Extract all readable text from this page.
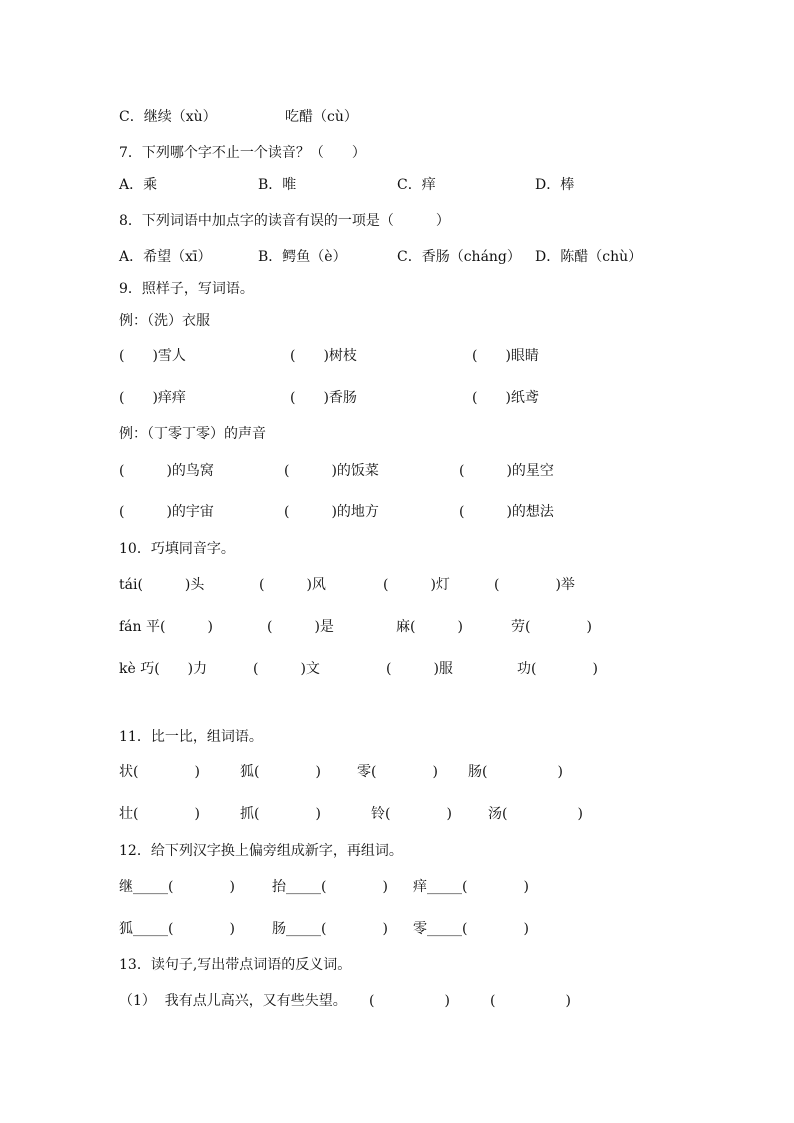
C．继续（xù）	吃醋（cù）
7．下列哪个字不止一个读音？（　　）
A．乘	B．唯	C．痒	D．棒
8．下列词语中加点字的读音有误的一项是（　　　）
A．希望（xī）	B．鳄鱼（è）	C．香肠（cháng） D．陈醋（chù）
9．照样子，写词语。
例：（洗）衣服
(　　)雪人	(　　)树枝	(　　)眼睛
(　　)痒痒	(　　)香肠	(　　)纸鸢
例：（丁零丁零）的声音
(　　　)的鸟窝	(　　　)的饭菜	(　　　)的星空
(　　　)的宇宙	(　　　)的地方	(　　　)的想法
10．巧填同音字。
tái(　　　)头	(　　　)风	(　　　)灯	(　　　　)举
fán 平(　　　)	(　　　)是	麻(　　　)	劳(　　　　)
kè 巧(　　)力	(　　　)文	(　　　)服	功(　　　　)
11．比一比，组词语。
状(　　　　)	狐(　　　　)	零(　　　　) 肠(　　　　　)
壮(　　　　)	抓(　　　　)	铃(　　　　)	汤(　　　　　)
12．给下列汉字换上偏旁组成新字，再组词。
继_____(　　　　)	抬_____(　　　　) 痒_____(　　　　)
狐_____(　　　　)	肠_____(　　　　) 零_____(　　　　)
13．读句子,写出带点词语的反义词。
（1）  我有点儿高兴，又有些失望。 (　　　　　)	(　　　　　)
